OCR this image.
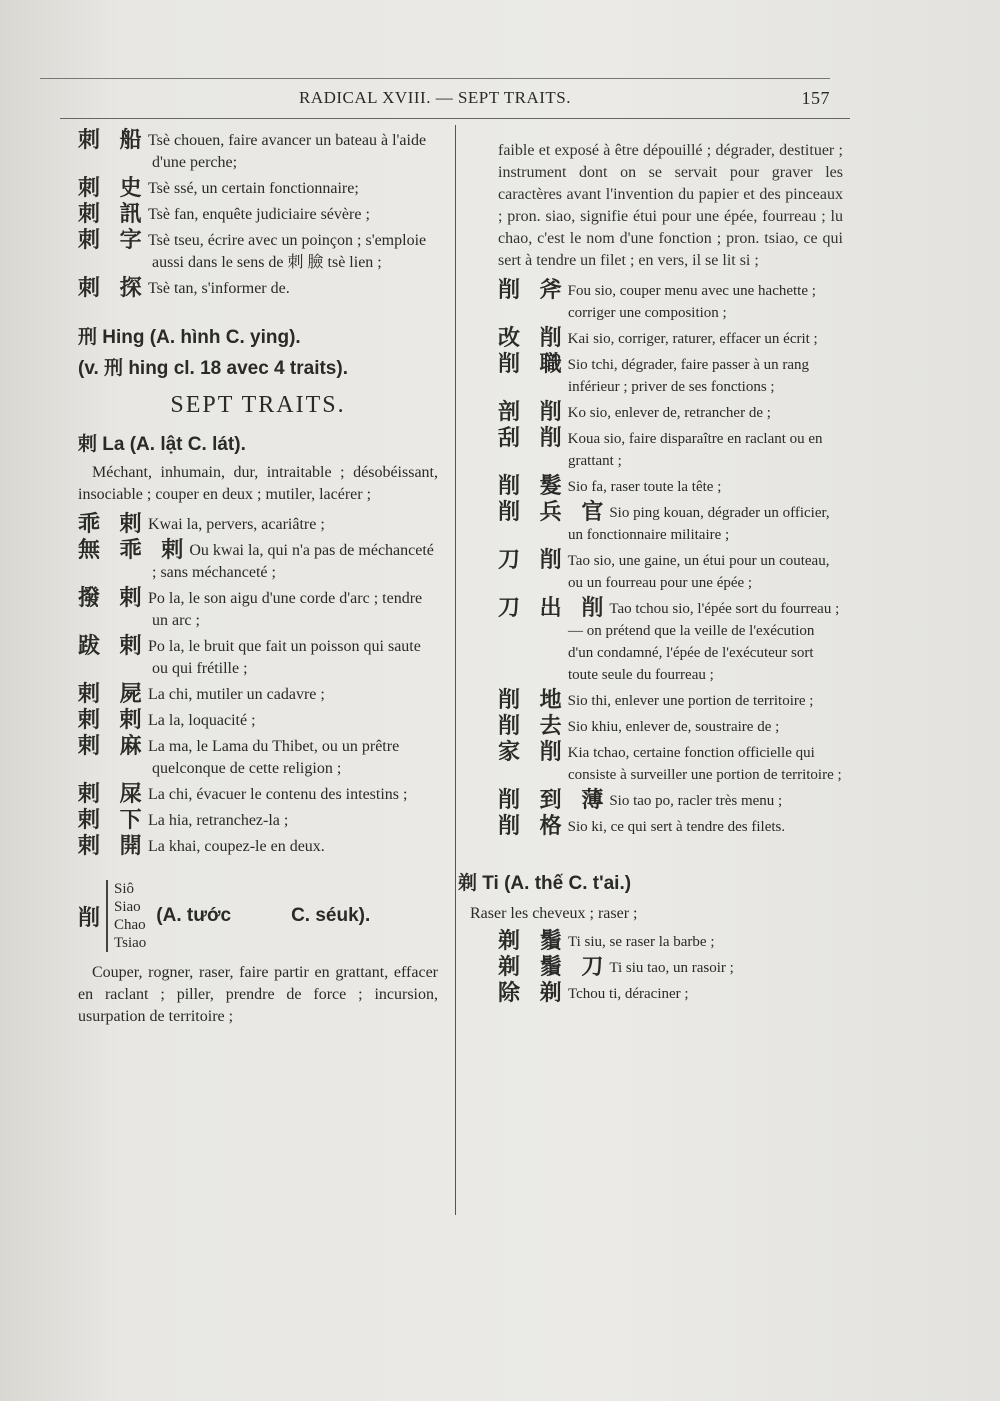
RADICAL XVIII. — SEPT TRAITS.	157
刺 船Tsè chouen, faire avancer un bateau à l'aide d'une perche;
刺 史Tsè ssé, un certain fonctionnaire;
刺 訊Tsè fan, enquête judiciaire sévère ;
刺 字Tsè tseu, écrire avec un poinçon ; s'emploie aussi dans le sens de 刺 臉 tsè lien ;
刺 探Tsè tan, s'informer de.
刑 Hing (A. hình C. ying).
(v. 刑 hing cl. 18 avec 4 traits).
SEPT TRAITS.
剌 La (A. lật C. lát).
Méchant, inhumain, dur, intraitable ; désobéissant, insociable ; couper en deux ; mutiler, lacérer ;
乖 剌Kwai la, pervers, acariâtre ;
無 乖 剌Ou kwai la, qui n'a pas de méchanceté ; sans méchanceté ;
撥 剌Po la, le son aigu d'une corde d'arc ; tendre un arc ;
跋 剌Po la, le bruit que fait un poisson qui saute ou qui frétille ;
剌 屍La chi, mutiler un cadavre ;
剌 剌La la, loquacité ;
剌 麻La ma, le Lama du Thibet, ou un prêtre quelconque de cette religion ;
剌 屎La chi, évacuer le contenu des intestins ;
剌 下La hia, retranchez-la ;
剌 開La khai, coupez-le en deux.
削
Siô
Siao
Chao
Tsiao
(A. tước	C. séuk).
Couper, rogner, raser, faire partir en grattant, effacer en raclant ; piller, prendre de force ; incursion, usurpation de territoire ;
faible et exposé à être dépouillé ; dégrader, destituer ; instrument dont on se servait pour graver les caractères avant l'invention du papier et des pinceaux ; pron. siao, signifie étui pour une épée, fourreau ; lu chao, c'est le nom d'une fonction ; pron. tsiao, ce qui sert à tendre un filet ; en vers, il se lit si ;
削 斧Fou sio, couper menu avec une hachette ; corriger une composition ;
改 削Kai sio, corriger, raturer, effacer un écrit ;
削 職Sio tchi, dégrader, faire passer à un rang inférieur ; priver de ses fonctions ;
剖 削Ko sio, enlever de, retrancher de ;
刮 削Koua sio, faire disparaître en raclant ou en grattant ;
削 髮Sio fa, raser toute la tête ;
削 兵 官Sio ping kouan, dégrader un officier, un fonctionnaire militaire ;
刀 削Tao sio, une gaine, un étui pour un couteau, ou un fourreau pour une épée ;
刀 出 削Tao tchou sio, l'épée sort du fourreau ; — on prétend que la veille de l'exécution d'un condamné, l'épée de l'exécuteur sort toute seule du fourreau ;
削 地Sio thi, enlever une portion de territoire ;
削 去Sio khiu, enlever de, soustraire de ;
家 削Kia tchao, certaine fonction officielle qui consiste à surveiller une portion de territoire ;
削 到 薄Sio tao po, racler très menu ;
削 格Sio ki, ce qui sert à tendre des filets.
剃 Ti (A. thế C. t'ai.)
Raser les cheveux ; raser ;
剃 鬚Ti siu, se raser la barbe ;
剃 鬚 刀Ti siu tao, un rasoir ;
除 剃Tchou ti, déraciner ;
